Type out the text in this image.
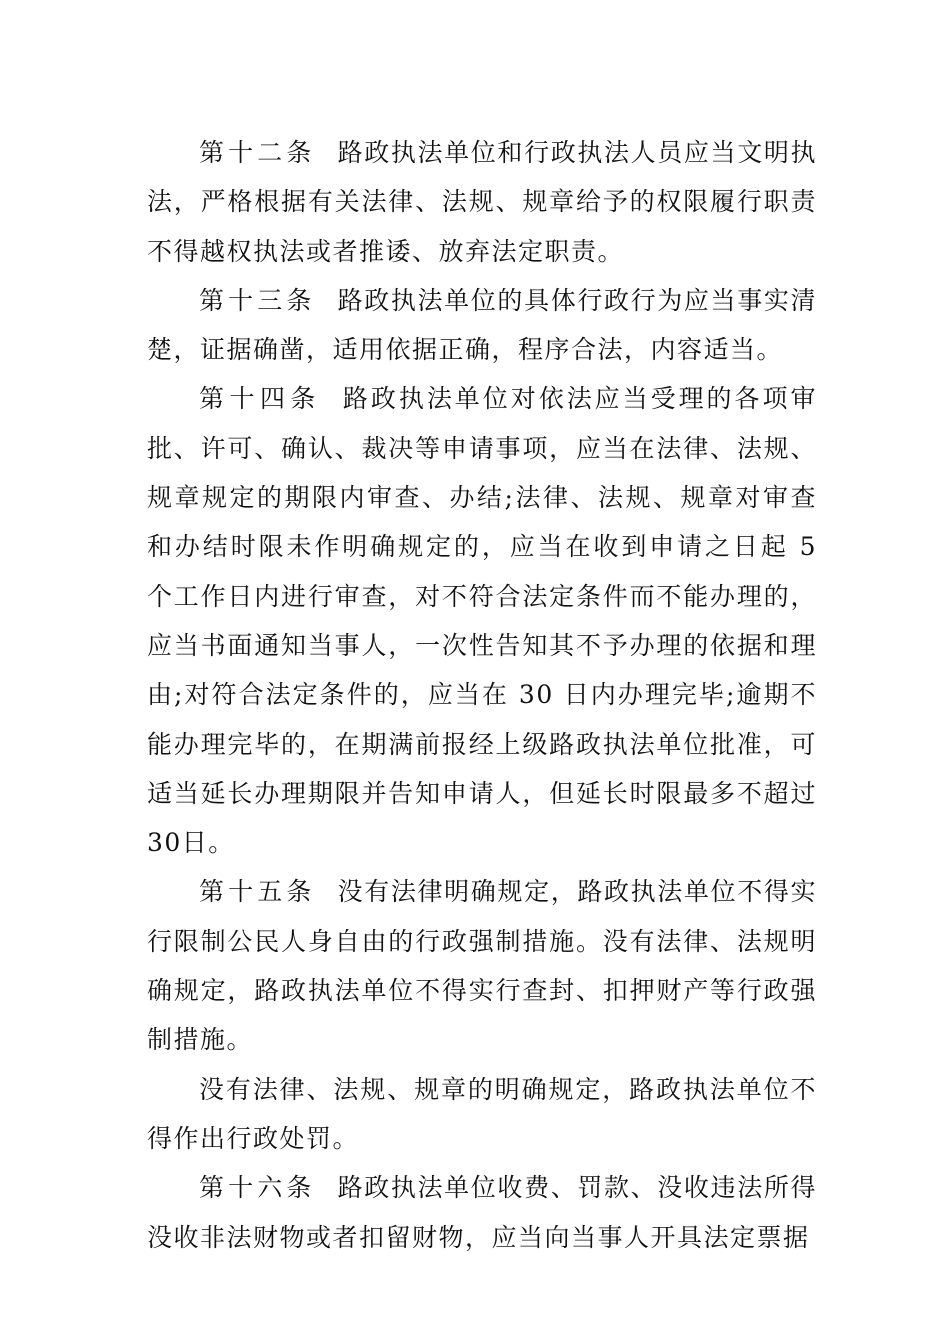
第十二条 路政执法单位和行政执法人员应当文明执法，严格根据有关法律、法规、规章给予的权限履行职责不得越权执法或者推诿、放弃法定职责。

第十三条 路政执法单位的具体行政行为应当事实清楚，证据确凿，适用依据正确，程序合法，内容适当。

第十四条 路政执法单位对依法应当受理的各项审批、许可、确认、裁决等申请事项，应当在法律、法规、规章规定的期限内审查、办结;法律、法规、规章对审查和办结时限未作明确规定的，应当在收到申请之日起 5 个工作日内进行审查，对不符合法定条件而不能办理的，应当书面通知当事人，一次性告知其不予办理的依据和理由;对符合法定条件的，应当在 30 日内办理完毕;逾期不能办理完毕的，在期满前报经上级路政执法单位批准，可适当延长办理期限并告知申请人，但延长时限最多不超过30日。

第十五条 没有法律明确规定，路政执法单位不得实行限制公民人身自由的行政强制措施。没有法律、法规明确规定，路政执法单位不得实行查封、扣押财产等行政强制措施。

没有法律、法规、规章的明确规定，路政执法单位不得作出行政处罚。

第十六条 路政执法单位收费、罚款、没收违法所得没收非法财物或者扣留财物，应当向当事人开具法定票据
